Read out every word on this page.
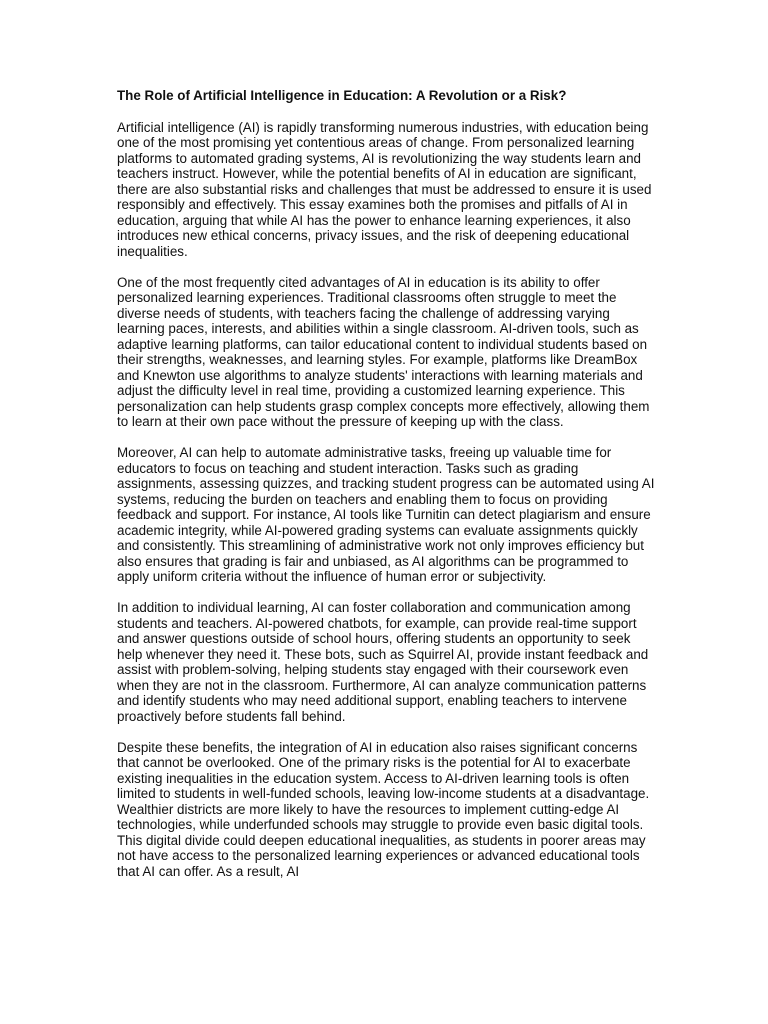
The Role of Artificial Intelligence in Education: A Revolution or a Risk?

Artificial intelligence (AI) is rapidly transforming numerous industries, with education being one of the most promising yet contentious areas of change. From personalized learning platforms to automated grading systems, AI is revolutionizing the way students learn and teachers instruct. However, while the potential benefits of AI in education are significant, there are also substantial risks and challenges that must be addressed to ensure it is used responsibly and effectively. This essay examines both the promises and pitfalls of AI in education, arguing that while AI has the power to enhance learning experiences, it also introduces new ethical concerns, privacy issues, and the risk of deepening educational inequalities.

One of the most frequently cited advantages of AI in education is its ability to offer personalized learning experiences. Traditional classrooms often struggle to meet the diverse needs of students, with teachers facing the challenge of addressing varying learning paces, interests, and abilities within a single classroom. AI-driven tools, such as adaptive learning platforms, can tailor educational content to individual students based on their strengths, weaknesses, and learning styles. For example, platforms like DreamBox and Knewton use algorithms to analyze students' interactions with learning materials and adjust the difficulty level in real time, providing a customized learning experience. This personalization can help students grasp complex concepts more effectively, allowing them to learn at their own pace without the pressure of keeping up with the class.

Moreover, AI can help to automate administrative tasks, freeing up valuable time for educators to focus on teaching and student interaction. Tasks such as grading assignments, assessing quizzes, and tracking student progress can be automated using AI systems, reducing the burden on teachers and enabling them to focus on providing feedback and support. For instance, AI tools like Turnitin can detect plagiarism and ensure academic integrity, while AI-powered grading systems can evaluate assignments quickly and consistently. This streamlining of administrative work not only improves efficiency but also ensures that grading is fair and unbiased, as AI algorithms can be programmed to apply uniform criteria without the influence of human error or subjectivity.

In addition to individual learning, AI can foster collaboration and communication among students and teachers. AI-powered chatbots, for example, can provide real-time support and answer questions outside of school hours, offering students an opportunity to seek help whenever they need it. These bots, such as Squirrel AI, provide instant feedback and assist with problem-solving, helping students stay engaged with their coursework even when they are not in the classroom. Furthermore, AI can analyze communication patterns and identify students who may need additional support, enabling teachers to intervene proactively before students fall behind.

Despite these benefits, the integration of AI in education also raises significant concerns that cannot be overlooked. One of the primary risks is the potential for AI to exacerbate existing inequalities in the education system. Access to AI-driven learning tools is often limited to students in well-funded schools, leaving low-income students at a disadvantage. Wealthier districts are more likely to have the resources to implement cutting-edge AI technologies, while underfunded schools may struggle to provide even basic digital tools. This digital divide could deepen educational inequalities, as students in poorer areas may not have access to the personalized learning experiences or advanced educational tools that AI can offer. As a result, AI
